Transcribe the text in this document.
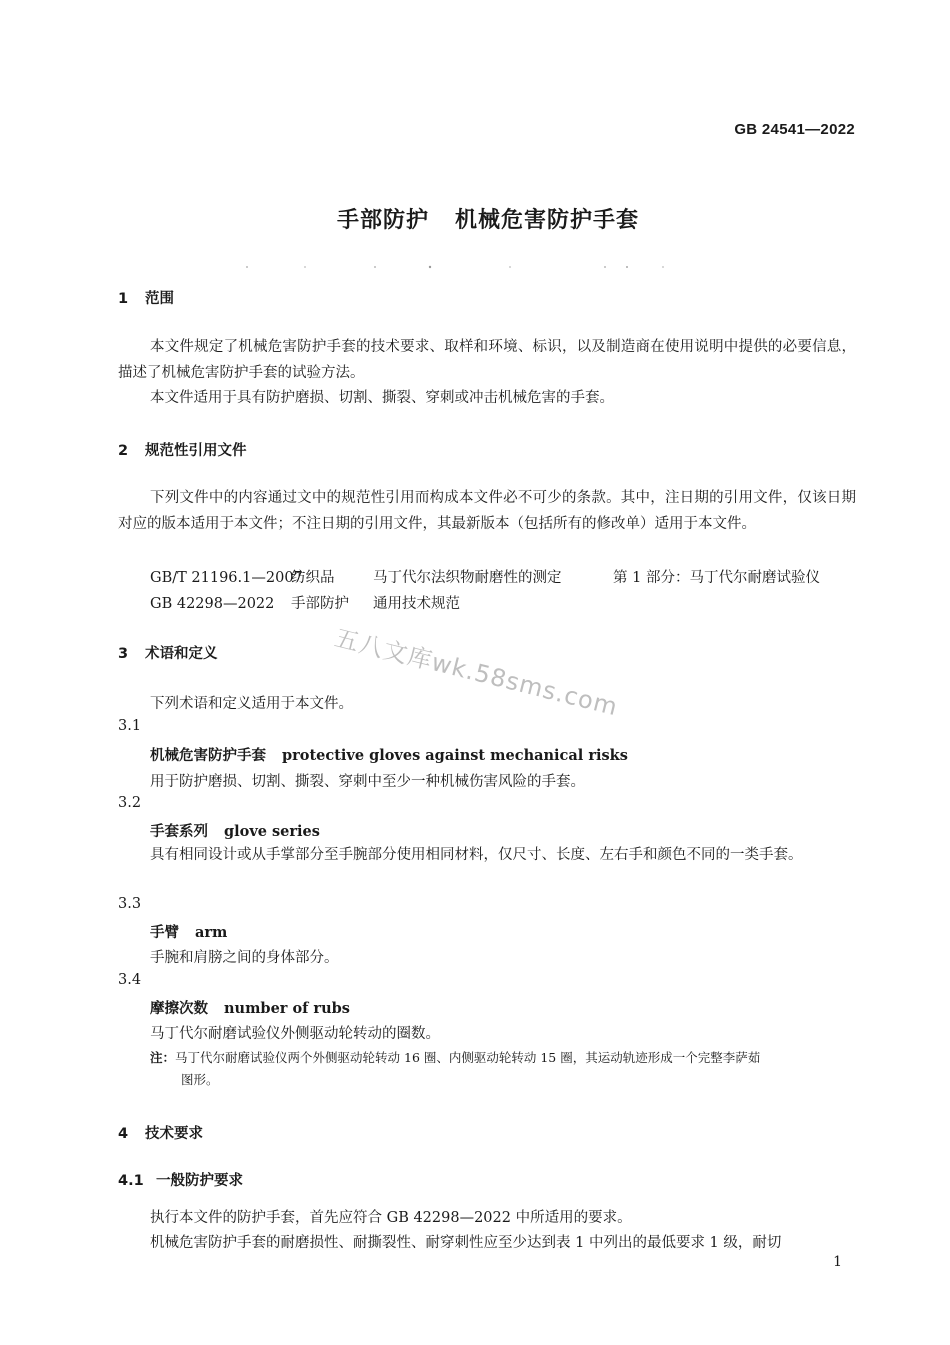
GB 24541—2022
手部防护 机械危害防护手套
1 范围
本文件规定了机械危害防护手套的技术要求、取样和环境、标识，以及制造商在使用说明中提供的必要信息，描述了机械危害防护手套的试验方法。
本文件适用于具有防护磨损、切割、撕裂、穿刺或冲击机械危害的手套。
2 规范性引用文件
下列文件中的内容通过文中的规范性引用而构成本文件必不可少的条款。其中，注日期的引用文件，仅该日期对应的版本适用于本文件；不注日期的引用文件，其最新版本（包括所有的修改单）适用于本文件。
GB/T 21196.1—2007纺织品	马丁代尔法织物耐磨性的测定	第 1 部分：马丁代尔耐磨试验仪
GB 42298—2022 手部防护 通用技术规范
3 术语和定义
下列术语和定义适用于本文件。
3.1
机械危害防护手套 protective gloves against mechanical risks
用于防护磨损、切割、撕裂、穿刺中至少一种机械伤害风险的手套。
3.2
手套系列 glove series
具有相同设计或从手掌部分至手腕部分使用相同材料，仅尺寸、长度、左右手和颜色不同的一类手套。
3.3
手臂 arm
手腕和肩膀之间的身体部分。
3.4
摩擦次数 number of rubs
马丁代尔耐磨试验仪外侧驱动轮转动的圈数。
注：马丁代尔耐磨试验仪两个外侧驱动轮转动 16 圈、内侧驱动轮转动 15 圈，其运动轨迹形成一个完整李萨茹
图形。
4 技术要求
4.1 一般防护要求
执行本文件的防护手套，首先应符合 GB 42298—2022 中所适用的要求。
机械危害防护手套的耐磨损性、耐撕裂性、耐穿刺性应至少达到表 1 中列出的最低要求 1 级，耐切
1
五八文库wk.58sms.com
